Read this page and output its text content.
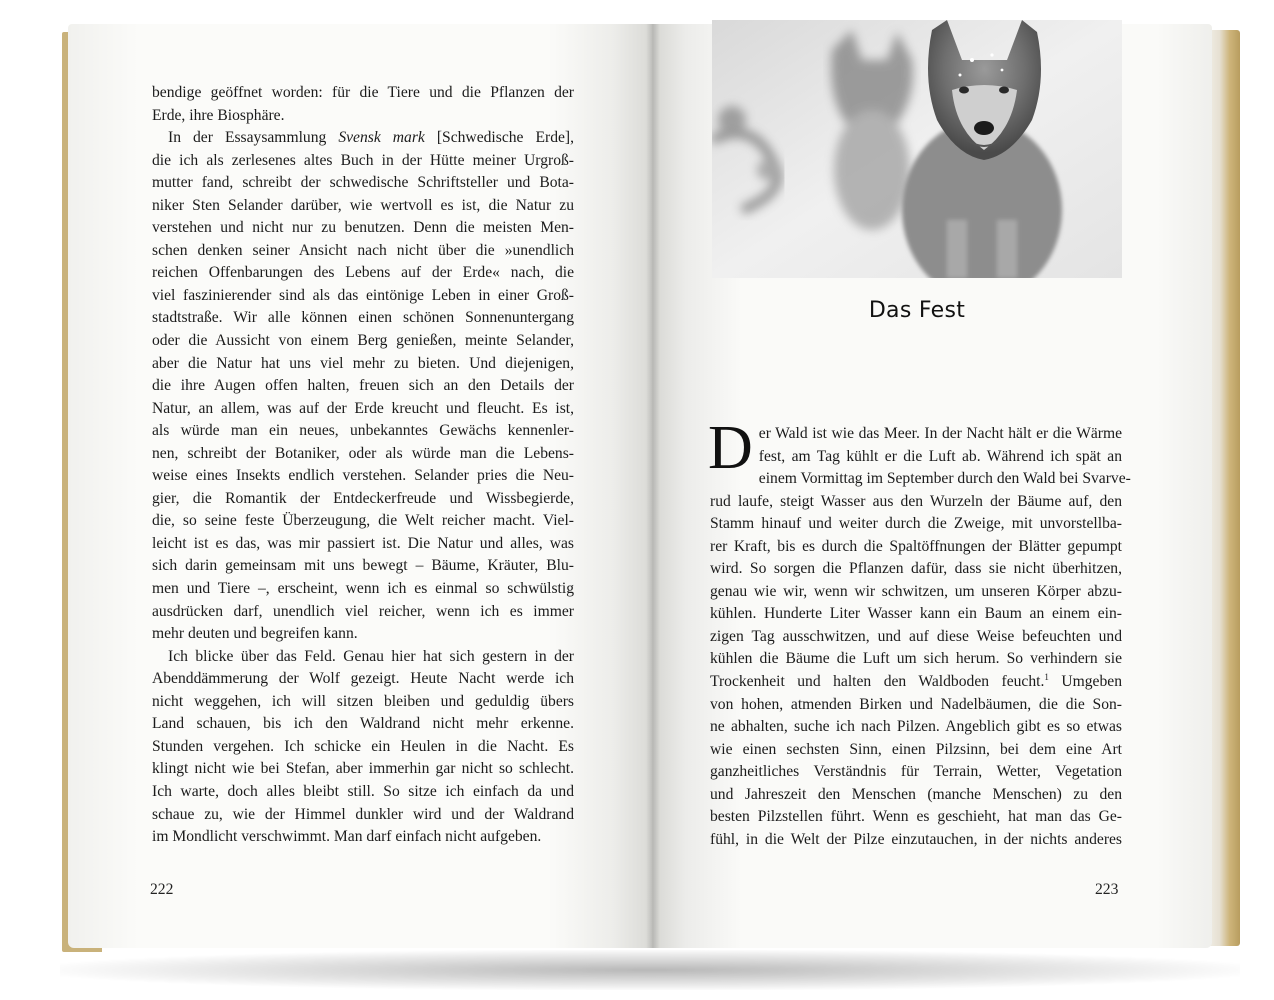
bendige geöffnet worden: für die Tiere und die Pflanzen der
Erde, ihre Biosphäre.

In der Essaysammlung Svensk mark [Schwedische Erde],
die ich als zerlesenes altes Buch in der Hütte meiner Urgroß-
mutter fand, schreibt der schwedische Schriftsteller und Bota-
niker Sten Selander darüber, wie wertvoll es ist, die Natur zu
verstehen und nicht nur zu benutzen. Denn die meisten Men-
schen denken seiner Ansicht nach nicht über die »unendlich
reichen Offenbarungen des Lebens auf der Erde« nach, die
viel faszinierender sind als das eintönige Leben in einer Groß-
stadtstraße. Wir alle können einen schönen Sonnenuntergang
oder die Aussicht von einem Berg genießen, meinte Selander,
aber die Natur hat uns viel mehr zu bieten. Und diejenigen,
die ihre Augen offen halten, freuen sich an den Details der
Natur, an allem, was auf der Erde kreucht und fleucht. Es ist,
als würde man ein neues, unbekanntes Gewächs kennenler-
nen, schreibt der Botaniker, oder als würde man die Lebens-
weise eines Insekts endlich verstehen. Selander pries die Neu-
gier, die Romantik der Entdeckerfreude und Wissbegierde,
die, so seine feste Überzeugung, die Welt reicher macht. Viel-
leicht ist es das, was mir passiert ist. Die Natur und alles, was
sich darin gemeinsam mit uns bewegt – Bäume, Kräuter, Blu-
men und Tiere –, erscheint, wenn ich es einmal so schwülstig
ausdrücken darf, unendlich viel reicher, wenn ich es immer
mehr deuten und begreifen kann.

Ich blicke über das Feld. Genau hier hat sich gestern in der
Abenddämmerung der Wolf gezeigt. Heute Nacht werde ich
nicht weggehen, ich will sitzen bleiben und geduldig übers
Land schauen, bis ich den Waldrand nicht mehr erkenne.
Stunden vergehen. Ich schicke ein Heulen in die Nacht. Es
klingt nicht wie bei Stefan, aber immerhin gar nicht so schlecht.
Ich warte, doch alles bleibt still. So sitze ich einfach da und
schaue zu, wie der Himmel dunkler wird und der Waldrand
im Mondlicht verschwimmt. Man darf einfach nicht aufgeben.

222
Das Fest
D er Wald ist wie das Meer. In der Nacht hält er die Wärme
fest, am Tag kühlt er die Luft ab. Während ich spät an
einem Vormittag im September durch den Wald bei Svarve-
rud laufe, steigt Wasser aus den Wurzeln der Bäume auf, den
Stamm hinauf und weiter durch die Zweige, mit unvorstellba-
rer Kraft, bis es durch die Spaltöffnungen der Blätter gepumpt
wird. So sorgen die Pflanzen dafür, dass sie nicht überhitzen,
genau wie wir, wenn wir schwitzen, um unseren Körper abzu-
kühlen. Hunderte Liter Wasser kann ein Baum an einem ein-
zigen Tag ausschwitzen, und auf diese Weise befeuchten und
kühlen die Bäume die Luft um sich herum. So verhindern sie
Trockenheit und halten den Waldboden feucht.$^1$ Umgeben
von hohen, atmenden Birken und Nadelbäumen, die die Son-
ne abhalten, suche ich nach Pilzen. Angeblich gibt es so etwas
wie einen sechsten Sinn, einen Pilzsinn, bei dem eine Art
ganzheitliches Verständnis für Terrain, Wetter, Vegetation
und Jahreszeit den Menschen (manche Menschen) zu den
besten Pilzstellen führt. Wenn es geschieht, hat man das Ge-
fühl, in die Welt der Pilze einzutauchen, in der nichts anderes
223
